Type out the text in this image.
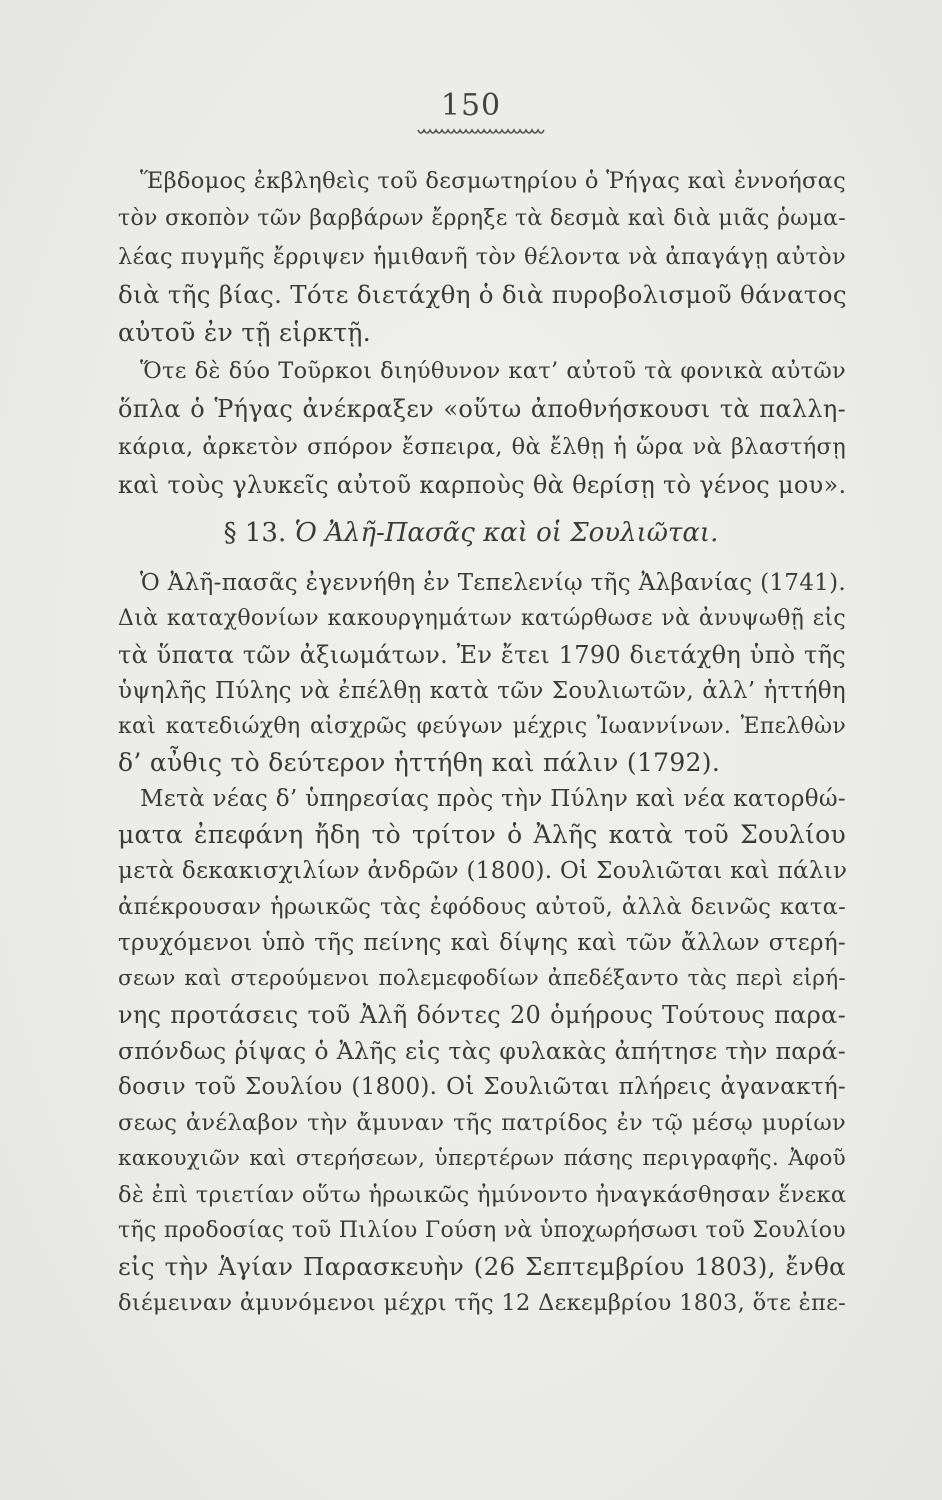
150
Ἕβδομος ἐκβληθεὶς τοῦ δεσμωτηρίου ὁ Ῥήγας καὶ ἐννοήσας
τὸν σκοπὸν τῶν βαρβάρων ἔρρηξε τὰ δεσμὰ καὶ διὰ μιᾶς ῥωμα-
λέας πυγμῆς ἔρριψεν ἡμιθανῆ τὸν θέλοντα νὰ ἀπαγάγῃ αὐτὸν
διὰ τῆς βίας. Τότε διετάχθη ὁ διὰ πυροβολισμοῦ θάνατος
αὐτοῦ ἐν τῇ εἱρκτῇ.
Ὅτε δὲ δύο Τοῦρκοι διηύθυνον κατ’ αὐτοῦ τὰ φονικὰ αὐτῶν
ὅπλα ὁ Ῥήγας ἀνέκραξεν «οὕτω ἀποθνήσκουσι τὰ παλλη-
κάρια, ἀρκετὸν σπόρον ἔσπειρα, θὰ ἔλθῃ ἡ ὥρα νὰ βλαστήσῃ
καὶ τοὺς γλυκεῖς αὐτοῦ καρποὺς θὰ θερίσῃ τὸ γένος μου».
§ 13. Ὁ Ἀλῆ-Πασᾶς καὶ οἱ Σουλιῶται.
Ὁ Ἀλῆ-πασᾶς ἐγεννήθη ἐν Τεπελενίῳ τῆς Ἀλβανίας (1741).
Διὰ καταχθονίων κακουργημάτων κατώρθωσε νὰ ἀνυψωθῇ εἰς
τὰ ὕπατα τῶν ἀξιωμάτων. Ἐν ἔτει 1790 διετάχθη ὑπὸ τῆς
ὑψηλῆς Πύλης νὰ ἐπέλθῃ κατὰ τῶν Σουλιωτῶν, ἀλλ’ ἡττήθη
καὶ κατεδιώχθη αἰσχρῶς φεύγων μέχρις Ἰωαννίνων. Ἐπελθὼν
δ’ αὖθις τὸ δεύτερον ἡττήθη καὶ πάλιν (1792).
Μετὰ νέας δ’ ὑπηρεσίας πρὸς τὴν Πύλην καὶ νέα κατορθώ-
ματα ἐπεφάνη ἤδη τὸ τρίτον ὁ Ἀλῆς κατὰ τοῦ Σουλίου
μετὰ δεκακισχιλίων ἀνδρῶν (1800). Οἱ Σουλιῶται καὶ πάλιν
ἀπέκρουσαν ἡρωικῶς τὰς ἐφόδους αὐτοῦ, ἀλλὰ δεινῶς κατα-
τρυχόμενοι ὑπὸ τῆς πείνης καὶ δίψης καὶ τῶν ἄλλων στερή-
σεων καὶ στερούμενοι πολεμεφοδίων ἀπεδέξαντο τὰς περὶ εἰρή-
νης προτάσεις τοῦ Ἀλῆ δόντες 20 ὁμήρους Τούτους παρα-
σπόνδως ῥίψας ὁ Ἀλῆς εἰς τὰς φυλακὰς ἀπήτησε τὴν παρά-
δοσιν τοῦ Σουλίου (1800). Οἱ Σουλιῶται πλήρεις ἀγανακτή-
σεως ἀνέλαβον τὴν ἄμυναν τῆς πατρίδος ἐν τῷ μέσῳ μυρίων
κακουχιῶν καὶ στερήσεων, ὑπερτέρων πάσης περιγραφῆς. Ἀφοῦ
δὲ ἐπὶ τριετίαν οὕτω ἡρωικῶς ἠμύνοντο ἠναγκάσθησαν ἕνεκα
τῆς προδοσίας τοῦ Πιλίου Γούση νὰ ὑποχωρήσωσι τοῦ Σουλίου
εἰς τὴν Ἁγίαν Παρασκευὴν (26 Σεπτεμβρίου 1803), ἔνθα
διέμειναν ἀμυνόμενοι μέχρι τῆς 12 Δεκεμβρίου 1803, ὅτε ἐπε-
